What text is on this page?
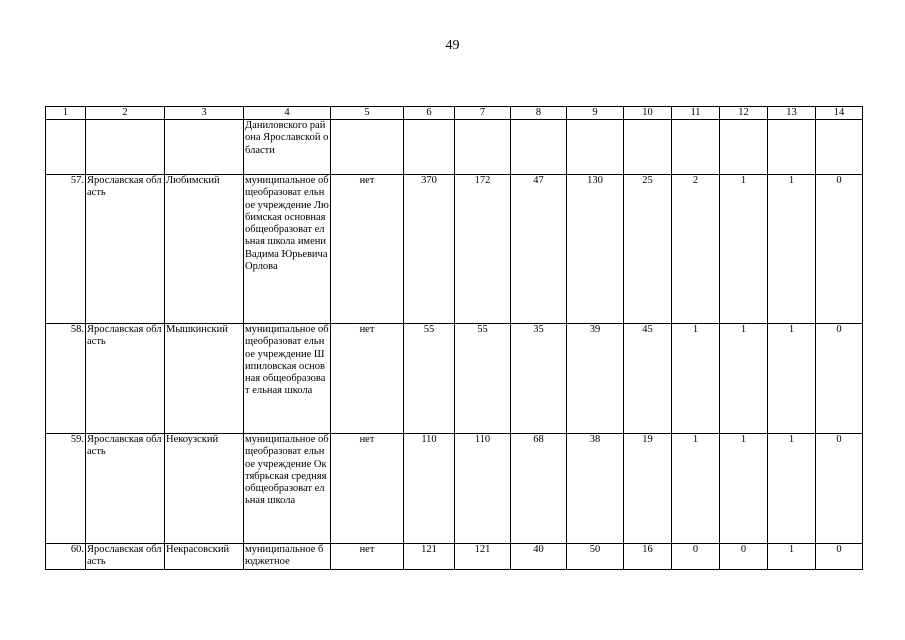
49
1	2	3	4	5	6	7	8	9	10	11	12	13	14
			Даниловского района Ярославской области										
57.	Ярославская область	Любимский	муниципальное общеобразоват ельное учреждение Любимская основная общеобразоват ельная школа имени Вадима Юрьевича Орлова	нет	370	172	47	130	25	2	1	1	0
58.	Ярославская область	Мышкинский	муниципальное общеобразоват ельное учреждение Шипиловская основная общеобразоват ельная школа	нет	55	55	35	39	45	1	1	1	0
59.	Ярославская область	Некоузский	муниципальное общеобразоват ельное учреждение Октябрьская средняя общеобразоват ельная школа	нет	110	110	68	38	19	1	1	1	0
60.	Ярославская область	Некрасовский	муниципальное бюджетное	нет	121	121	40	50	16	0	0	1	0
